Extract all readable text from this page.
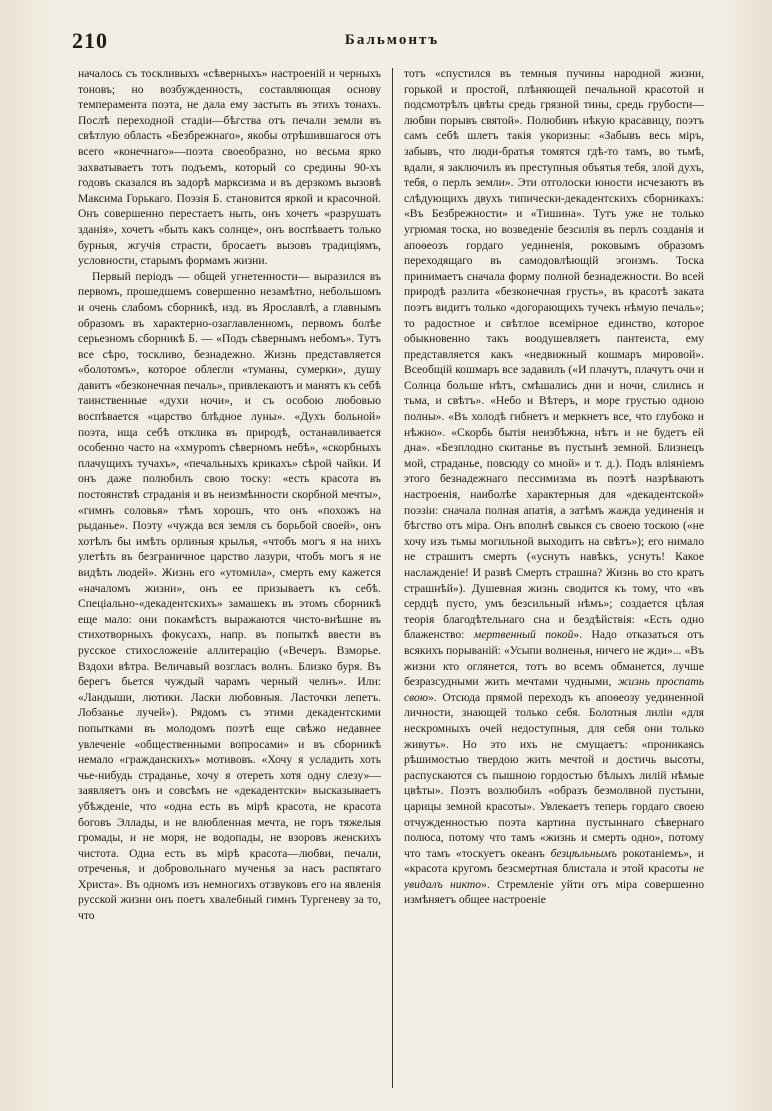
210	Бальмонтъ

началось съ тоскливыхъ «сѣверныхъ» настроеній и черныхъ тоновъ; но возбужденность, составляющая основу темперамента поэта, не дала ему застыть въ этихъ тонахъ. Послѣ переходной стадіи—бѣгства отъ печали земли въ свѣтлую область «Безбрежнаго», якобы отрѣшившагося отъ всего «конечнаго»—поэта своеобразно, но весьма ярко захватываетъ тотъ подъемъ, который со средины 90-хъ годовъ сказался въ задорѣ марксизма и въ дерзкомъ вызовѣ Максима Горькаго. Поэзія Б. становится яркой и красочной. Онъ совершенно перестаетъ ныть, онъ хочетъ «разрушать зданія», хочетъ «быть какъ солнце», онъ воспѣваетъ только бурныя, жгучія страсти, бросаетъ вызовъ традиціямъ, условности, старымъ формамъ жизни.

Первый періодъ — общей угнетенности— выразился въ первомъ, прошедшемъ совершенно незамѣтно, небольшомъ и очень слабомъ сборникѣ, изд. въ Ярославлѣ, а главнымъ образомъ въ характерно-озаглавленномъ, первомъ болѣе серьезномъ сборникѣ Б. — «Подъ сѣвернымъ небомъ». Тутъ все сѣро, тоскливо, безнадежно. Жизнь представляется «болотомъ», которое облегли «туманы, сумерки», душу давитъ «безконечная печаль», привлекаютъ и манятъ къ себѣ таинственные «духи ночи», и съ особою любовью воспѣвается «царство блѣдное луны». «Духъ больной» поэта, ища себѣ отклика въ природѣ, останавливается особенно часто на «хмурomъ сѣверномъ небѣ», «скорбныхъ плачущихъ тучахъ», «печальныхъ крикахъ» сѣрой чайки. И онъ даже полюбилъ свою тоску: «есть красота въ постоянствѣ страданія и въ неизмѣнности скорбной мечты», «гимнъ соловья» тѣмъ хорошъ, что онъ «похожъ на рыданье». Поэту «чужда вся земля съ борьбой своей», онъ хотѣлъ бы имѣть орлиныя крылья, «чтобъ могъ я на нихъ улетѣть въ безграничное царство лазури, чтобъ могъ я не видѣть людей». Жизнь его «утомила», смерть ему кажется «началомъ жизни», онъ ее призываетъ къ себѣ. Спеціально-«декадентскихъ» замашекъ въ этомъ сборникѣ еще мало: они покамѣстъ выражаются чисто-внѣшне въ стихотворныхъ фокусахъ, напр. въ попыткѣ ввести въ русское стихосложеніе аллитерацію («Вечеръ. Взморье. Вздохи вѣтра. Величавый возгласъ волнъ. Близко буря. Въ берегъ бьется чуждый чарамъ черный челнъ». Или: «Ландыши, лютики. Ласки любовныя. Ласточки лепетъ. Лобзанье лучей»). Рядомъ съ этими декадентскими попытками въ молодомъ поэтѣ еще свѣжо недавнее увлеченіе «общественными вопросами» и въ сборникѣ немало «гражданскихъ» мотивовъ. «Хочу я усладить хоть чье-нибудь страданье, хочу я отереть хотя одну слезу»—заявляетъ онъ и совсѣмъ не «декадентски» высказываетъ убѣжденіе, что «одна есть въ мірѣ красота, не красота боговъ Эллады, и не влюбленная мечта, не горъ тяжелыя громады, и не моря, не водопады, не взоровъ женскихъ чистота. Одна есть въ мірѣ красота—любви, печали, отреченья, и добровольнаго мученья за насъ распятаго Христа». Въ одномъ изъ немногихъ отзвуковъ его на явленія русской жизни онъ поетъ хвалебный гимнъ Тургеневу за то, что

тотъ «спустился въ темныя пучины народной жизни, горькой и простой, плѣняющей печальной красотой и подсмотрѣлъ цвѣты средь грязной тины, средь грубости—любви порывъ святой». Полюбивъ нѣкую красавицу, поэтъ самъ себѣ шлетъ такія укоризны: «Забывъ весь міръ, забывъ, что люди-братья томятся гдѣ-то тамъ, во тьмѣ, вдали, я заключилъ въ преступныя объятья тебя, злой духъ, тебя, о перлъ земли». Эти отголоски юности исчезаютъ въ слѣдующихъ двухъ типически-декадентскихъ сборникахъ: «Въ Безбрежности» и «Тишина». Тутъ уже не только угрюмая тоска, но возведеніе безсилія въ перлъ созданія и апоѳеозъ гордаго уединенія, роковымъ образомъ переходящаго въ самодовлѣющій эгоизмъ. Тоска принимаетъ сначала форму полной безнадежности. Во всей природѣ разлита «безконечная грусть», въ красотѣ заката поэтъ видитъ только «догорающихъ тучекъ нѣмую печаль»; то радостное и свѣтлое всемірное единство, которое обыкновенно такъ воодушевляетъ пантеиста, ему представляется какъ «недвижный кошмаръ мировой». Всеобщій кошмаръ все задавилъ («И плачутъ, плачутъ очи и Солнца больше нѣтъ, смѣшались дни и ночи, слились и тьма, и свѣтъ». «Небо и Вѣтеръ, и море грустью одною полны». «Въ холодѣ гибнетъ и меркнетъ все, что глубоко и нѣжно». «Скорбь бытія неизбѣжна, нѣтъ и не будетъ ей дна». «Безплодно скитанье въ пустынѣ земной. Близнецъ мой, страданье, повсюду со мной» и т. д.). Подъ вліяніемъ этого безнадежнаго пессимизма въ поэтѣ назрѣваютъ настроенія, наиболѣе характерныя для «декадентской» поэзіи: сначала полная апатія, а затѣмъ жажда уединенія и бѣгство отъ міра. Онъ вполнѣ свыкся съ своею тоскою («не хочу изъ тьмы могильной выходить на свѣтъ»); его нимало не страшитъ смерть («уснуть навѣкъ, уснуть! Какое наслажденіе! И развѣ Смерть страшна? Жизнь во сто кратъ страшнѣй»). Душевная жизнь сводится къ тому, что «въ сердцѣ пусто, умъ безсильный нѣмъ»; создается цѣлая теорія благодѣтельнаго сна и бездѣйствія: «Есть одно блаженство: мертвенный покой». Надо отказаться отъ всякихъ порываній: «Усыпи волненья, ничего не жди»... «Въ жизни кто оглянется, тотъ во всемъ обманется, лучше безразсудными жить мечтами чудными, жизнь проспать свою». Отсюда прямой переходъ къ апоѳеозу уединенной личности, знающей только себя. Болотныя лиліи «для нескромныхъ очей недоступныя, для себя они только живутъ». Но это ихъ не смущаетъ: «проникаясь рѣшимостью твердою жить мечтой и достичь высоты, распускаются съ пышною гордостью бѣлыхъ лилій нѣмые цвѣты». Поэтъ возлюбилъ «образъ безмолвной пустыни, царицы земной красоты». Увлекаетъ теперь гордаго своею отчужденностью поэта картина пустыннаго сѣвернаго полюса, потому что тамъ «жизнь и смерть одно», потому что тамъ «тоскуетъ океанъ безцѣльнымъ рокотаніемъ», и «красота кругомъ безсмертная блистала и этой красоты не увидалъ никто». Стремленіе уйти отъ міра совершенно измѣняетъ общее настроеніе
